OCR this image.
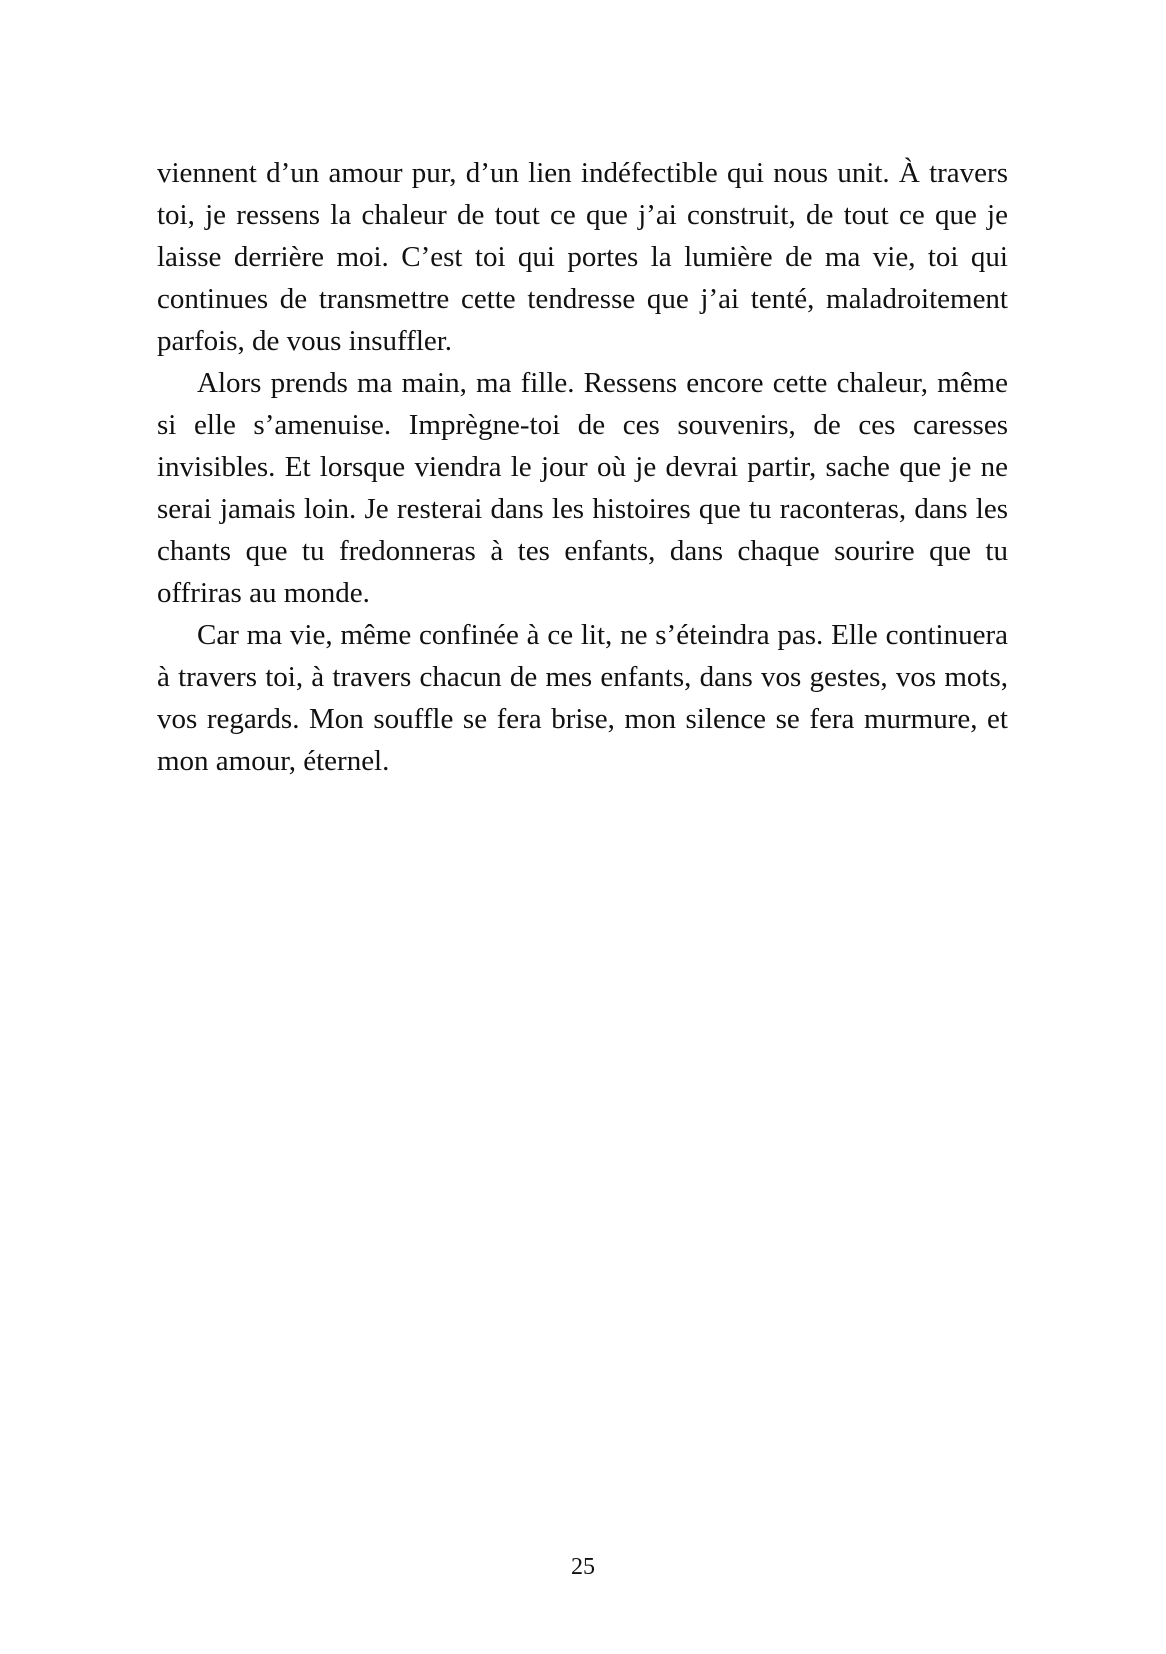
viennent d’un amour pur, d’un lien indéfectible qui nous unit. À travers toi, je ressens la chaleur de tout ce que j’ai construit, de tout ce que je laisse derrière moi. C’est toi qui portes la lumière de ma vie, toi qui continues de transmettre cette tendresse que j’ai tenté, maladroitement parfois, de vous insuffler.

Alors prends ma main, ma fille. Ressens encore cette chaleur, même si elle s’amenuise. Imprègne-toi de ces souvenirs, de ces caresses invisibles. Et lorsque viendra le jour où je devrai partir, sache que je ne serai jamais loin. Je resterai dans les histoires que tu raconteras, dans les chants que tu fredonneras à tes enfants, dans chaque sourire que tu offriras au monde.

Car ma vie, même confinée à ce lit, ne s’éteindra pas. Elle continuera à travers toi, à travers chacun de mes enfants, dans vos gestes, vos mots, vos regards. Mon souffle se fera brise, mon silence se fera murmure, et mon amour, éternel.

25
